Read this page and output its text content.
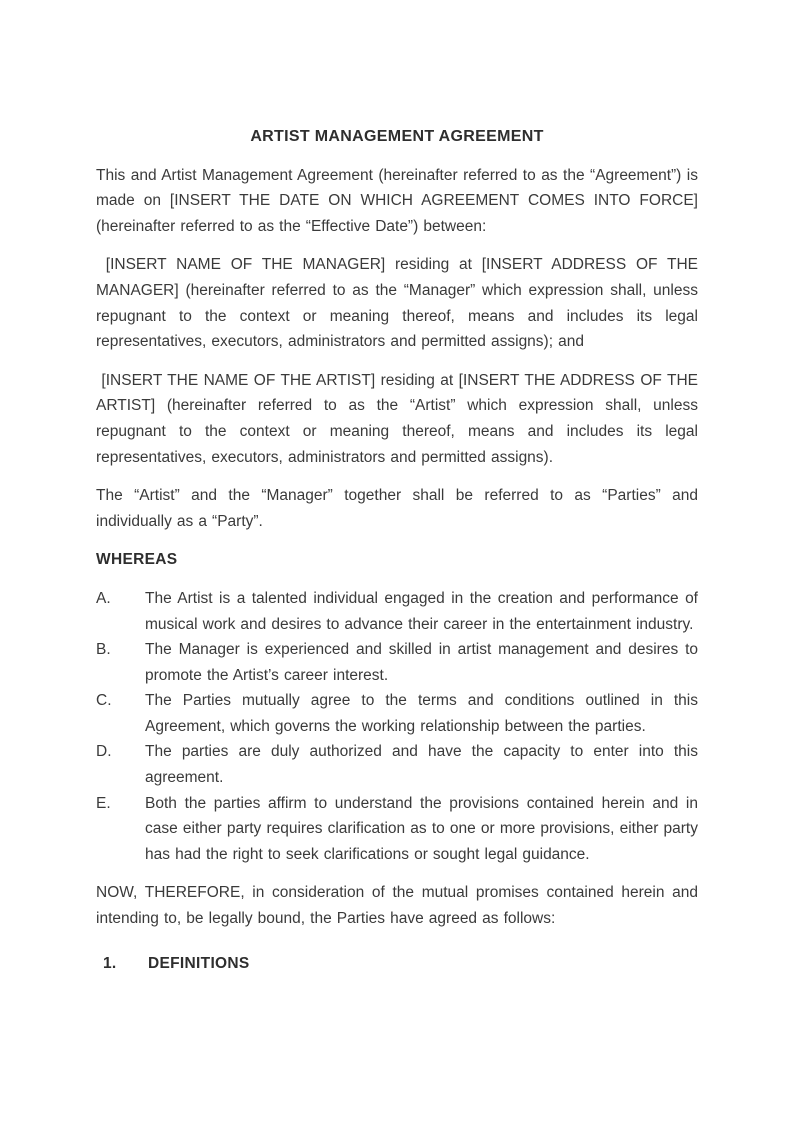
ARTIST MANAGEMENT AGREEMENT

This and Artist Management Agreement (hereinafter referred to as the “Agreement”) is made on [INSERT THE DATE ON WHICH AGREEMENT COMES INTO FORCE] (hereinafter referred to as the “Effective Date”) between:

[INSERT NAME OF THE MANAGER] residing at [INSERT ADDRESS OF THE MANAGER] (hereinafter referred to as the “Manager” which expression shall, unless repugnant to the context or meaning thereof, means and includes its legal representatives, executors, administrators and permitted assigns); and

[INSERT THE NAME OF THE ARTIST] residing at [INSERT THE ADDRESS OF THE ARTIST] (hereinafter referred to as the “Artist” which expression shall, unless repugnant to the context or meaning thereof, means and includes its legal representatives, executors, administrators and permitted assigns).

The “Artist” and the “Manager” together shall be referred to as “Parties” and individually as a “Party”.

WHEREAS
A.	The Artist is a talented individual engaged in the creation and performance of musical work and desires to advance their career in the entertainment industry.
B.	The Manager is experienced and skilled in artist management and desires to promote the Artist’s career interest.
C.	The Parties mutually agree to the terms and conditions outlined in this Agreement, which governs the working relationship between the parties.
D.	The parties are duly authorized and have the capacity to enter into this agreement.
E.	Both the parties affirm to understand the provisions contained herein and in case either party requires clarification as to one or more provisions, either party has had the right to seek clarifications or sought legal guidance.

NOW, THEREFORE, in consideration of the mutual promises contained herein and intending to, be legally bound, the Parties have agreed as follows:

1.	DEFINITIONS
